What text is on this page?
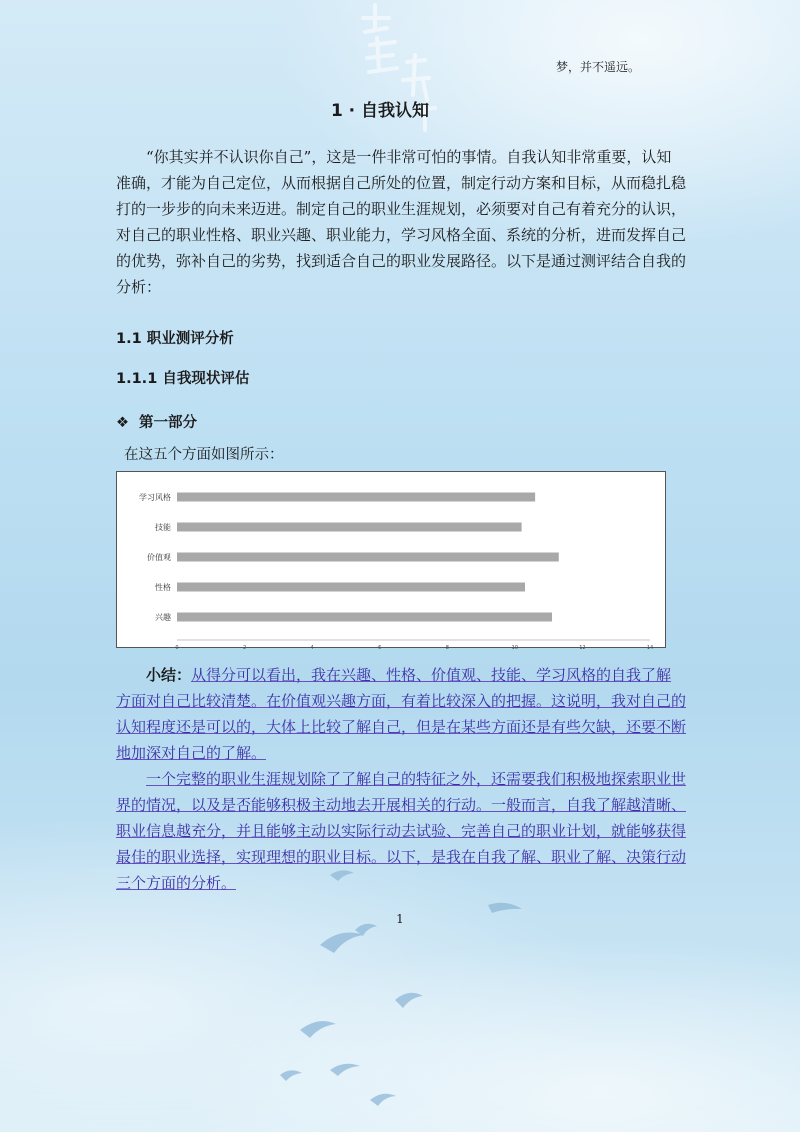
梦，并不遥远。
1 · 自我认知

“你其实并不认识你自己”，这是一件非常可怕的事情。自我认知非常重要，认知准确，才能为自己定位，从而根据自己所处的位置，制定行动方案和目标，从而稳扎稳打的一步步的向未来迈进。制定自己的职业生涯规划，必须要对自己有着充分的认识，对自己的职业性格、职业兴趣、职业能力，学习风格全面、系统的分析，进而发挥自己的优势，弥补自己的劣势，找到适合自己的职业发展路径。以下是通过测评结合自我的分析：

1.1 职业测评分析
1.1.1 自我现状评估
❖ 第一部分
在这五个方面如图所示：
学习风格
技能
价值观
性格
兴趣
0	2	4	6	8	10	12	14

小结：从得分可以看出，我在兴趣、性格、价值观、技能、学习风格的自我了解方面对自己比较清楚。在价值观兴趣方面，有着比较深入的把握。这说明，我对自己的认知程度还是可以的，大体上比较了解自己，但是在某些方面还是有些欠缺，还要不断地加深对自己的了解。

一个完整的职业生涯规划除了了解自己的特征之外，还需要我们积极地探索职业世界的情况，以及是否能够积极主动地去开展相关的行动。一般而言，自我了解越清晰、职业信息越充分，并且能够主动以实际行动去试验、完善自己的职业计划，就能够获得最佳的职业选择，实现理想的职业目标。以下，是我在自我了解、职业了解、决策行动三个方面的分析。

1
